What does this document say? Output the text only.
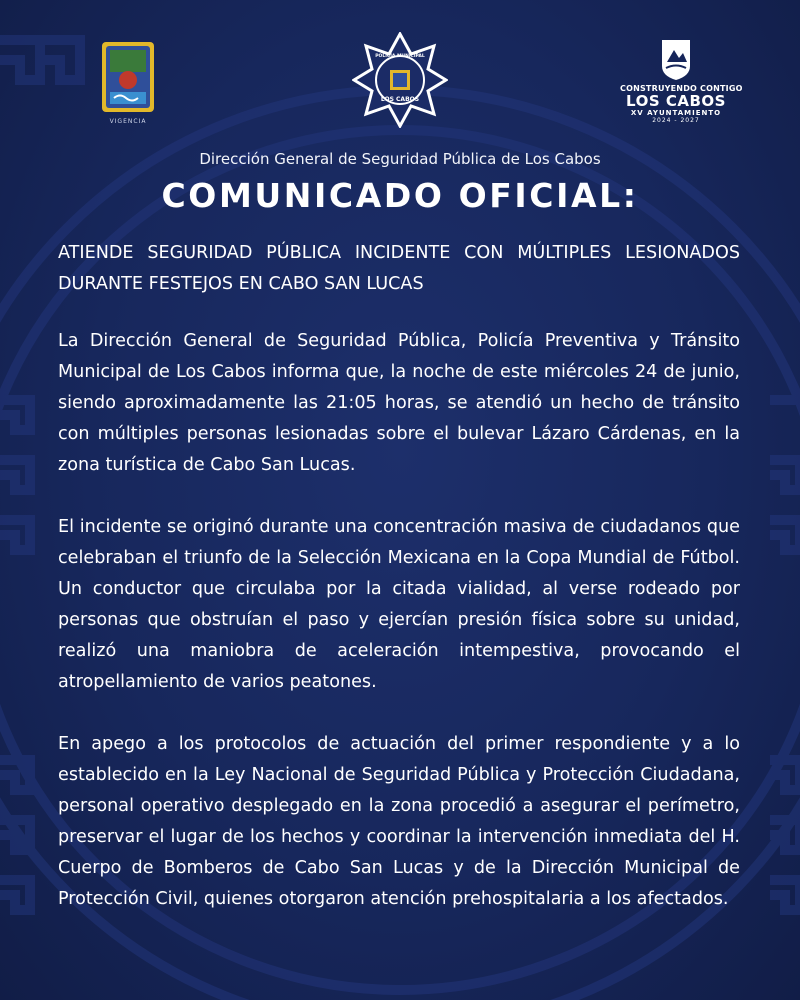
VIGENCIA
POLICÍA MUNICIPAL
LOS CABOS
CONSTRUYENDO CONTIGO
LOS CABOS
XV AYUNTAMIENTO
2024 - 2027
Dirección General de Seguridad Pública de Los Cabos
COMUNICADO OFICIAL:

ATIENDE SEGURIDAD PÚBLICA INCIDENTE CON MÚLTIPLES LESIONADOS DURANTE FESTEJOS EN CABO SAN LUCAS

La Dirección General de Seguridad Pública, Policía Preventiva y Tránsito Municipal de Los Cabos informa que, la noche de este miércoles 24 de junio, siendo aproximadamente las 21:05 horas, se atendió un hecho de tránsito con múltiples personas lesionadas sobre el bulevar Lázaro Cárdenas, en la zona turística de Cabo San Lucas.

El incidente se originó durante una concentración masiva de ciudadanos que celebraban el triunfo de la Selección Mexicana en la Copa Mundial de Fútbol. Un conductor que circulaba por la citada vialidad, al verse rodeado por personas que obstruían el paso y ejercían presión física sobre su unidad, realizó una maniobra de aceleración intempestiva, provocando el atropellamiento de varios peatones.

En apego a los protocolos de actuación del primer respondiente y a lo establecido en la Ley Nacional de Seguridad Pública y Protección Ciudadana, personal operativo desplegado en la zona procedió a asegurar el perímetro, preservar el lugar de los hechos y coordinar la intervención inmediata del H. Cuerpo de Bomberos de Cabo San Lucas y de la Dirección Municipal de Protección Civil, quienes otorgaron atención prehospitalaria a los afectados.
